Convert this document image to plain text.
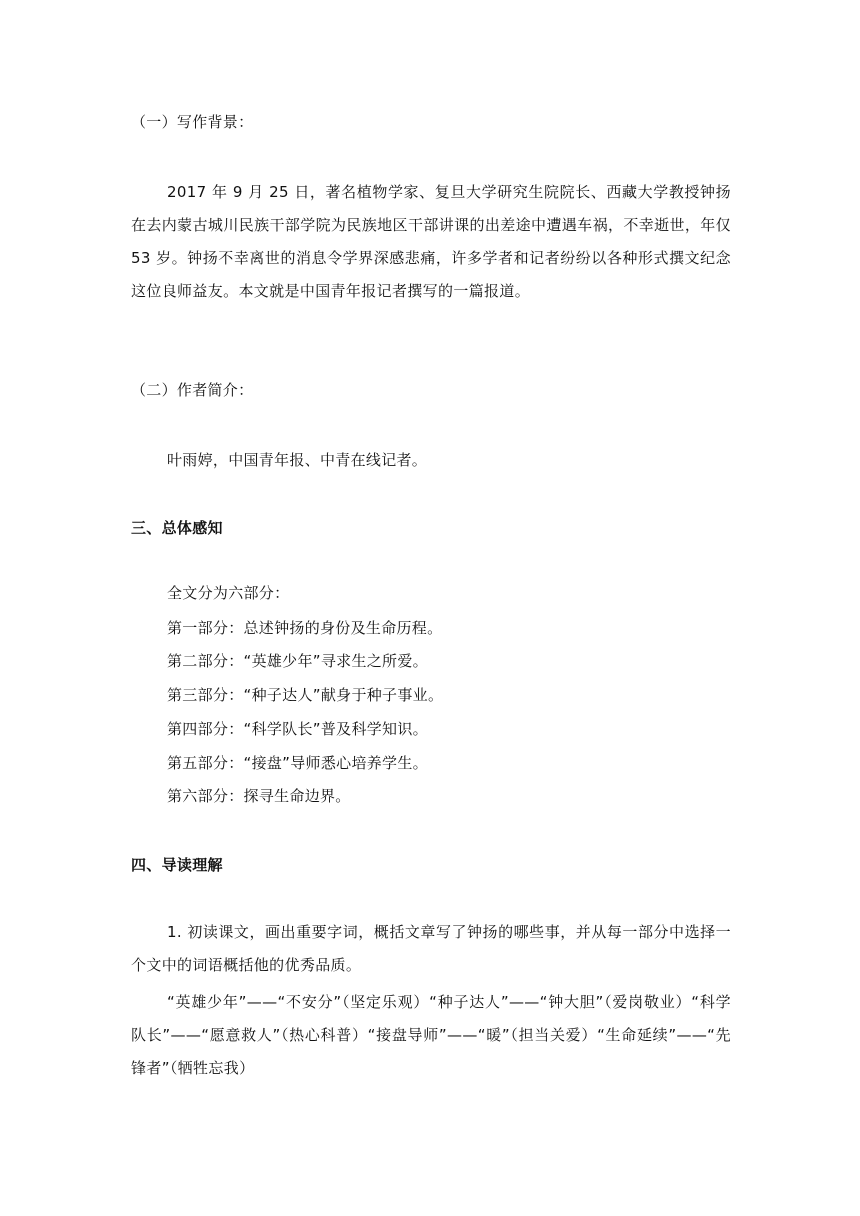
（一）写作背景：

2017 年 9 月 25 日，著名植物学家、复旦大学研究生院院长、西藏大学教授钟扬在去内蒙古城川民族干部学院为民族地区干部讲课的出差途中遭遇车祸，不幸逝世，年仅 53 岁。钟扬不幸离世的消息令学界深感悲痛，许多学者和记者纷纷以各种形式撰文纪念这位良师益友。本文就是中国青年报记者撰写的一篇报道。

（二）作者简介：
叶雨婷，中国青年报、中青在线记者。
三、总体感知
全文分为六部分：
第一部分：总述钟扬的身份及生命历程。
第二部分：“英雄少年”寻求生之所爱。
第三部分：“种子达人”献身于种子事业。
第四部分：“科学队长”普及科学知识。
第五部分：“接盘”导师悉心培养学生。
第六部分：探寻生命边界。
四、导读理解

1. 初读课文，画出重要字词，概括文章写了钟扬的哪些事，并从每一部分中选择一个文中的词语概括他的优秀品质。

“英雄少年”——“不安分”（坚定乐观）“种子达人”——“钟大胆”（爱岗敬业）“科学队长”——“愿意救人”（热心科普）“接盘导师”——“暖”（担当关爱）“生命延续”——“先锋者”（牺牲忘我）
